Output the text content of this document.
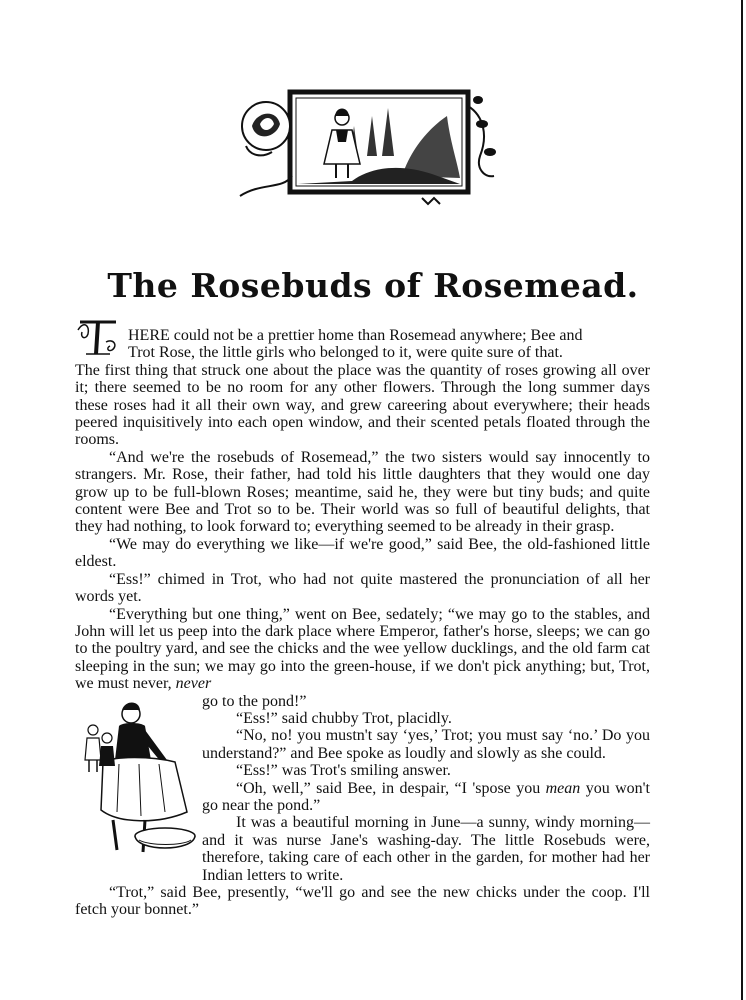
The Rosebuds of Rosemead.

HERE could not be a prettier home than Rosemead anywhere; Bee and

Trot Rose, the little girls who belonged to it, were quite sure of that.

The first thing that struck one about the place was the quantity of roses growing all over it; there seemed to be no room for any other flowers. Through the long summer days these roses had it all their own way, and grew careering about everywhere; their heads peered inquisitively into each open window, and their scented petals floated through the rooms.

“And we're the rosebuds of Rosemead,” the two sisters would say innocently to strangers. Mr. Rose, their father, had told his little daughters that they would one day grow up to be full-blown Roses; meantime, said he, they were but tiny buds; and quite content were Bee and Trot so to be. Their world was so full of beautiful delights, that they had nothing, to look forward to; everything seemed to be already in their grasp.

“We may do everything we like—if we're good,” said Bee, the old-fashioned little eldest.

“Ess!” chimed in Trot, who had not quite mastered the pronunciation of all her words yet.

“Everything but one thing,” went on Bee, sedately; “we may go to the stables, and John will let us peep into the dark place where Emperor, father's horse, sleeps; we can go to the poultry yard, and see the chicks and the wee yellow ducklings, and the old farm cat sleeping in the sun; we may go into the green-house, if we don't pick anything; but, Trot, we must never, never

go to the pond!”

“Ess!” said chubby Trot, placidly.

“No, no! you mustn't say ‘yes,’ Trot; you must say ‘no.’ Do you understand?” and Bee spoke as loudly and slowly as she could.

“Ess!” was Trot's smiling answer.

“Oh, well,” said Bee, in despair, “I 'spose you mean you won't go near the pond.”

It was a beautiful morning in June—a sunny, windy morning—and it was nurse Jane's washing-day. The little Rosebuds were, therefore, taking care of each other in the garden, for mother had her Indian letters to write.

“Trot,” said Bee, presently, “we'll go and see the new chicks under the coop. I'll fetch your bonnet.”
